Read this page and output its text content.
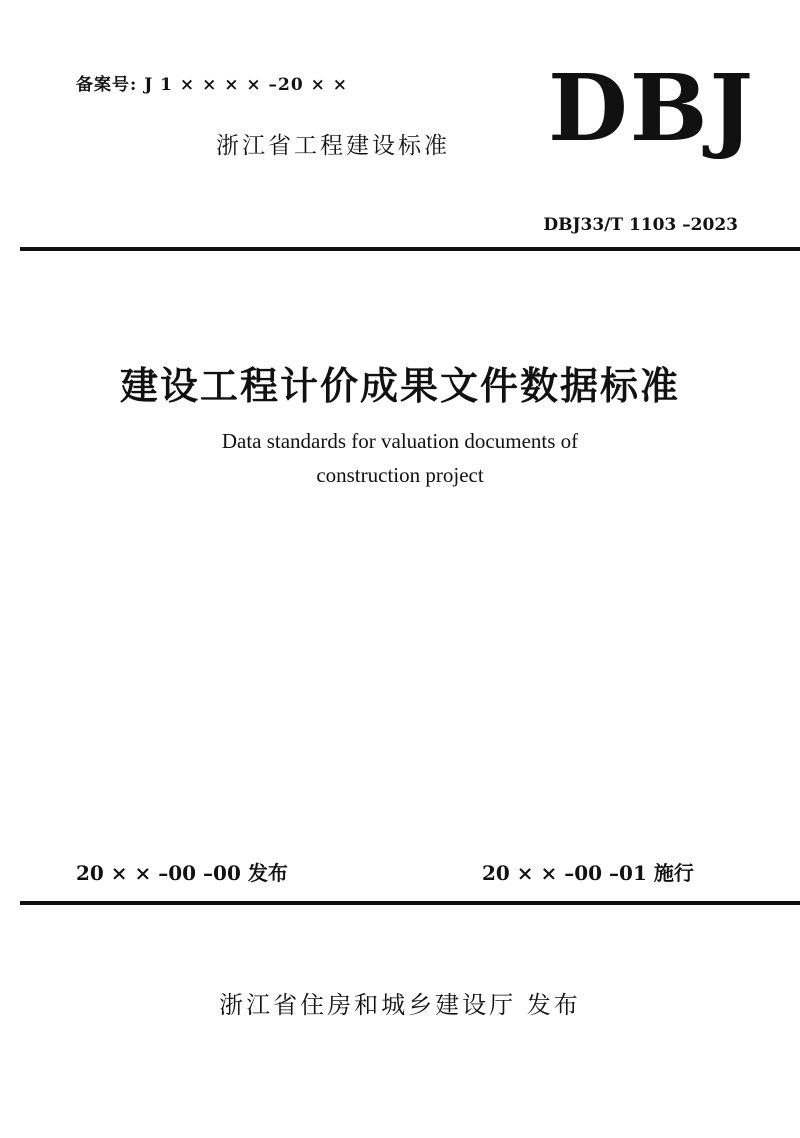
备案号: J 1 × × × × –20 × ×
浙江省工程建设标准 DBJ
DBJ33/T 1103 –2023
建设工程计价成果文件数据标准
Data standards for valuation documents of
construction project
20 × × –00 –00 发布	20 × × –00 –01 施行
浙江省住房和城乡建设厅 发布
